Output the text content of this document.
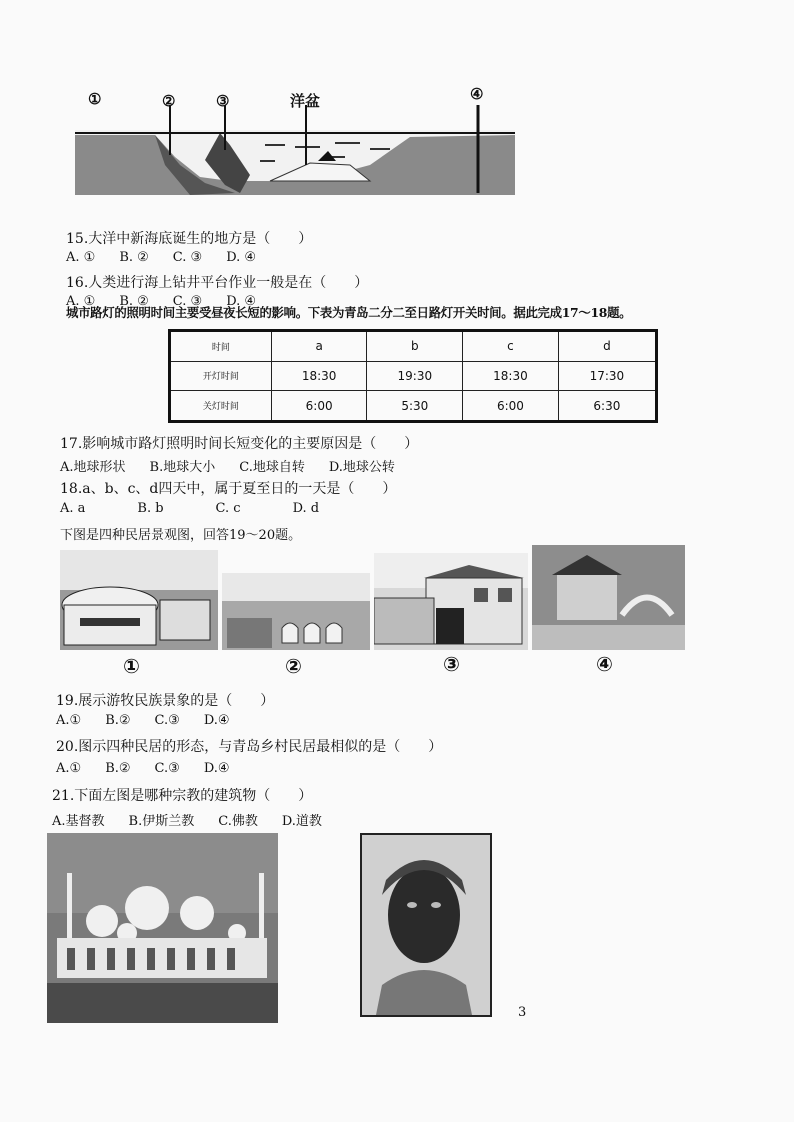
①	②	③	洋盆	④
15.大洋中新海底诞生的地方是（　　）
A. ① B. ② C. ③ D. ④
16.人类进行海上钻井平台作业一般是在（　　）
A. ① B. ② C. ③ D. ④
城市路灯的照明时间主要受昼夜长短的影响。下表为青岛二分二至日路灯开关时间。据此完成17～18题。
时间	a	b	c	d
开灯时间	18:30	19:30	18:30	17:30
关灯时间	6:00	5:30	6:00	6:30
17.影响城市路灯照明时间长短变化的主要原因是（　　）
A.地球形状 B.地球大小 C.地球自转 D.地球公转
18.a、b、c、d四天中，属于夏至日的一天是（　　）
A. a	B. b	C. c	D. d
下图是四种民居景观图，回答19～20题。
①	②	③	④
19.展示游牧民族景象的是（　　）
A.① B.② C.③ D.④
20.图示四种民居的形态，与青岛乡村民居最相似的是（　　）
A.① B.② C.③ D.④
21.下面左图是哪种宗教的建筑物（　　）
A.基督教 B.伊斯兰教 C.佛教 D.道教
3
